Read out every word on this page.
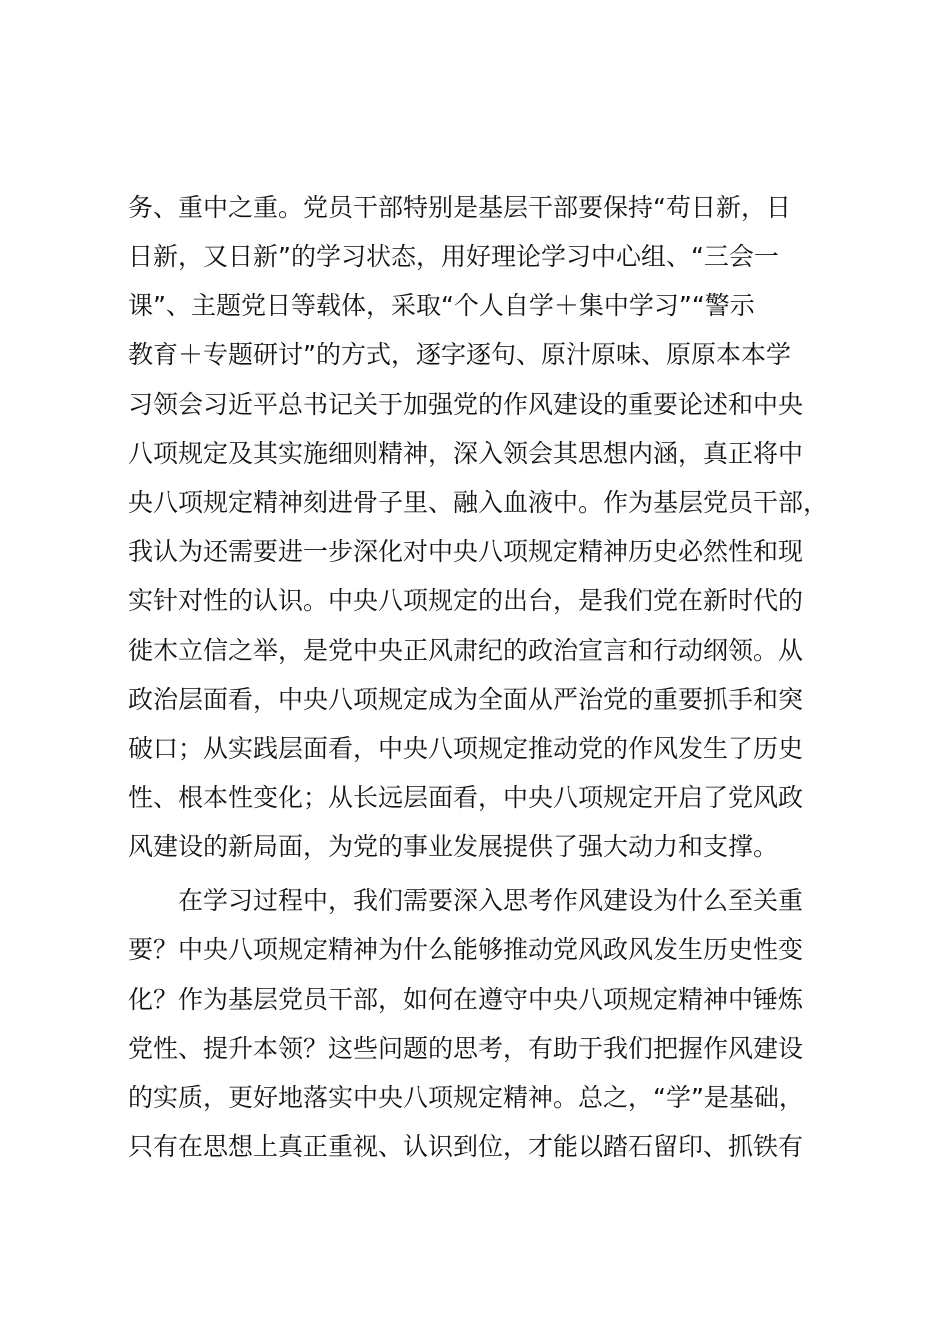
务、重中之重。党员干部特别是基层干部要保持“苟日新，日
日新，又日新”的学习状态，用好理论学习中心组、“三会一
课”、主题党日等载体，采取“个人自学＋集中学习”“警示
教育＋专题研讨”的方式，逐字逐句、原汁原味、原原本本学
习领会习近平总书记关于加强党的作风建设的重要论述和中央
八项规定及其实施细则精神，深入领会其思想内涵，真正将中
央八项规定精神刻进骨子里、融入血液中。作为基层党员干部，
我认为还需要进一步深化对中央八项规定精神历史必然性和现
实针对性的认识。中央八项规定的出台，是我们党在新时代的
徙木立信之举，是党中央正风肃纪的政治宣言和行动纲领。从
政治层面看，中央八项规定成为全面从严治党的重要抓手和突
破口；从实践层面看，中央八项规定推动党的作风发生了历史
性、根本性变化；从长远层面看，中央八项规定开启了党风政
风建设的新局面，为党的事业发展提供了强大动力和支撑。
在学习过程中，我们需要深入思考作风建设为什么至关重
要？中央八项规定精神为什么能够推动党风政风发生历史性变
化？作为基层党员干部，如何在遵守中央八项规定精神中锤炼
党性、提升本领？这些问题的思考，有助于我们把握作风建设
的实质，更好地落实中央八项规定精神。总之，“学”是基础，
只有在思想上真正重视、认识到位，才能以踏石留印、抓铁有
